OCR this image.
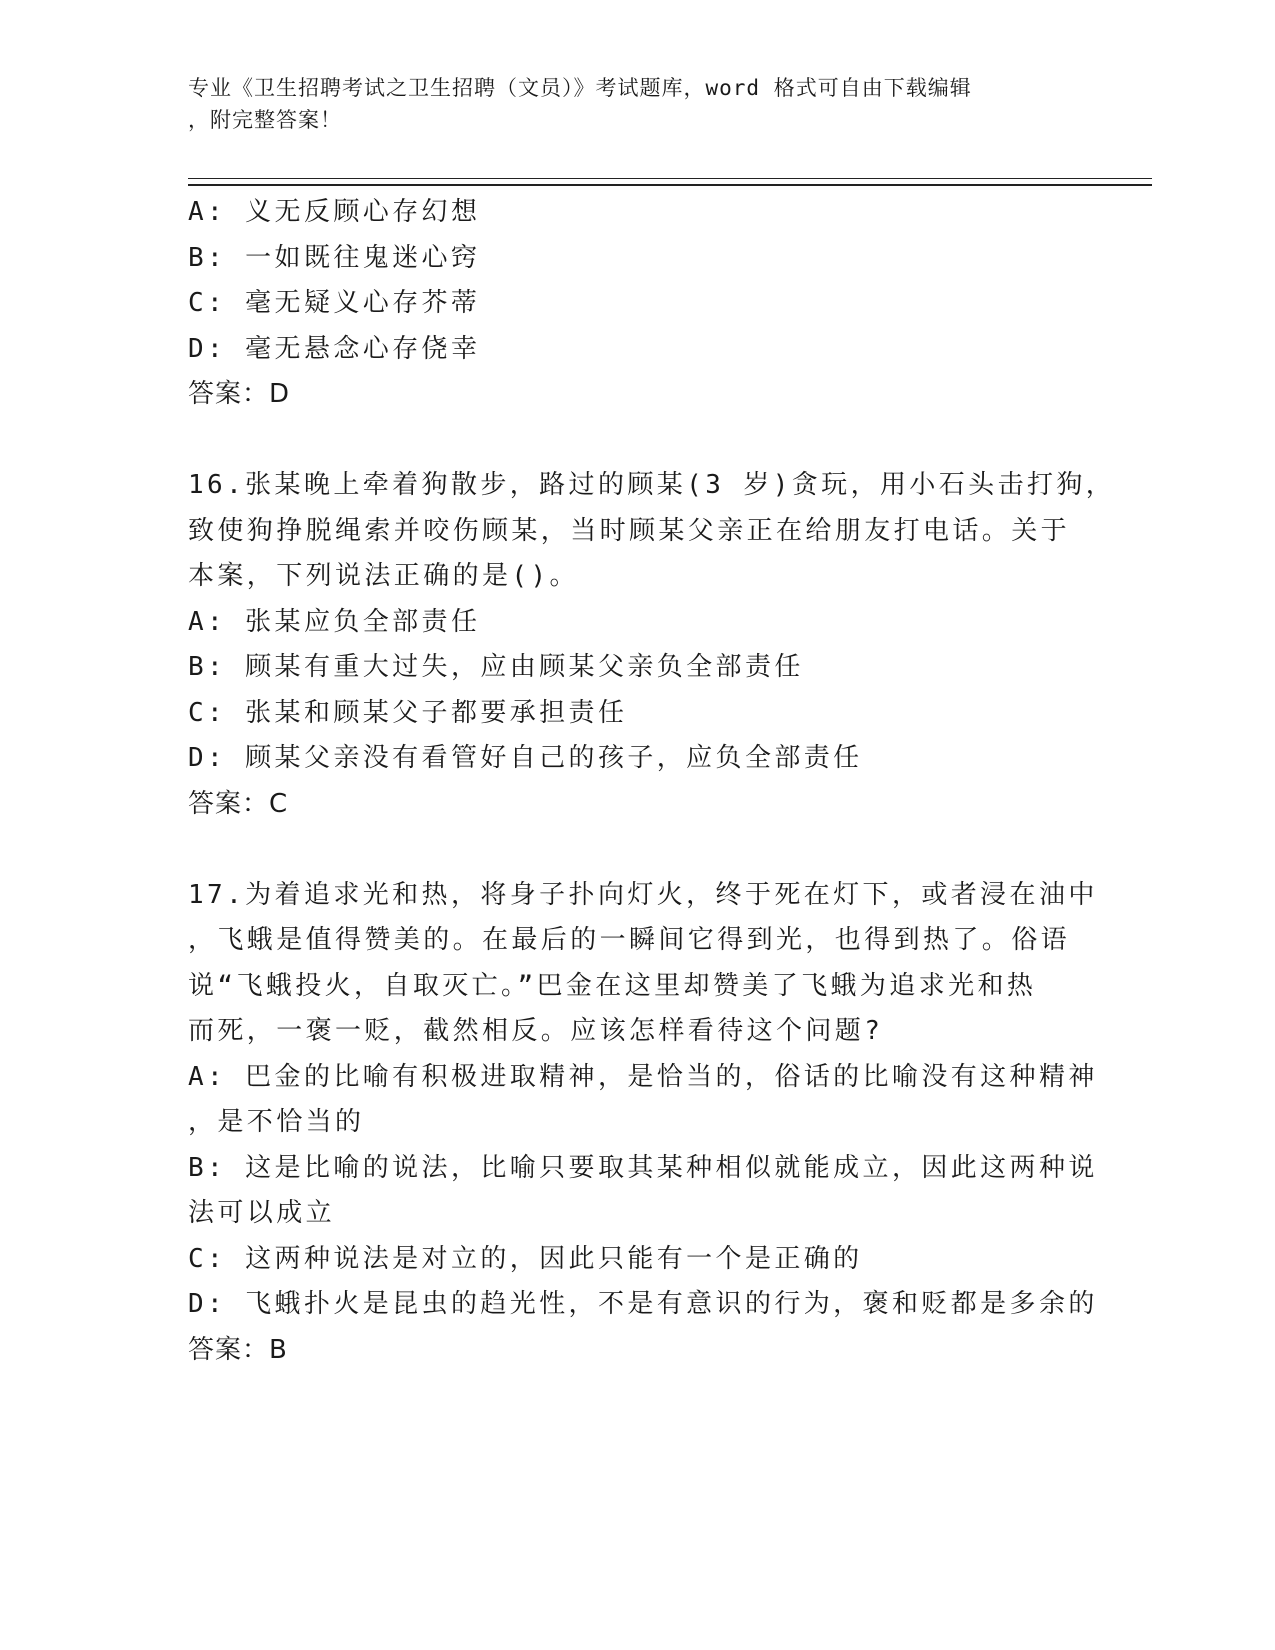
专业《卫生招聘考试之卫生招聘（文员）》考试题库，word 格式可自由下载编辑
，附完整答案！
A: 义无反顾心存幻想
B: 一如既往鬼迷心窍
C: 毫无疑义心存芥蒂
D: 毫无悬念心存侥幸
答案：D
16.张某晚上牵着狗散步，路过的顾某(3 岁)贪玩，用小石头击打狗，
致使狗挣脱绳索并咬伤顾某，当时顾某父亲正在给朋友打电话。关于
本案，下列说法正确的是()。
A: 张某应负全部责任
B: 顾某有重大过失，应由顾某父亲负全部责任
C: 张某和顾某父子都要承担责任
D: 顾某父亲没有看管好自己的孩子，应负全部责任
答案：C
17.为着追求光和热，将身子扑向灯火，终于死在灯下，或者浸在油中
，飞蛾是值得赞美的。在最后的一瞬间它得到光，也得到热了。俗语
说“飞蛾投火，自取灭亡。”巴金在这里却赞美了飞蛾为追求光和热
而死，一褒一贬，截然相反。应该怎样看待这个问题?
A: 巴金的比喻有积极进取精神，是恰当的，俗话的比喻没有这种精神
，是不恰当的
B: 这是比喻的说法，比喻只要取其某种相似就能成立，因此这两种说
法可以成立
C: 这两种说法是对立的，因此只能有一个是正确的
D: 飞蛾扑火是昆虫的趋光性，不是有意识的行为，褒和贬都是多余的
答案：B
